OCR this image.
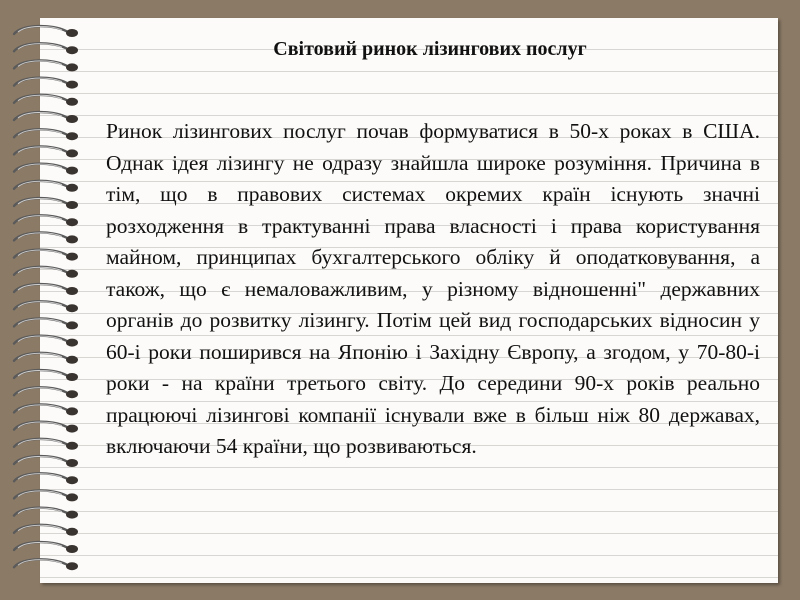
Світовий ринок лізингових послуг

Ринок лізингових послуг почав формуватися в 50-х роках в США. Однак ідея лізингу не одразу знайшла широке розуміння. Причина в тім, що в правових системах окремих країн існують значні розходження в трактуванні права власності і права користування майном, принципах бухгалтерського обліку й оподатковування, а також, що є немаловажливим, у різному відношенні" державних органів до розвитку лізингу. Потім цей вид господарських відносин у 60-і роки поширився на Японію і Західну Європу, а згодом, у 70-80-і роки - на країни третього світу. До середини 90-х років реально працюючі лізингові компанії існували вже в більш ніж 80 державах, включаючи 54 країни, що розвиваються.
